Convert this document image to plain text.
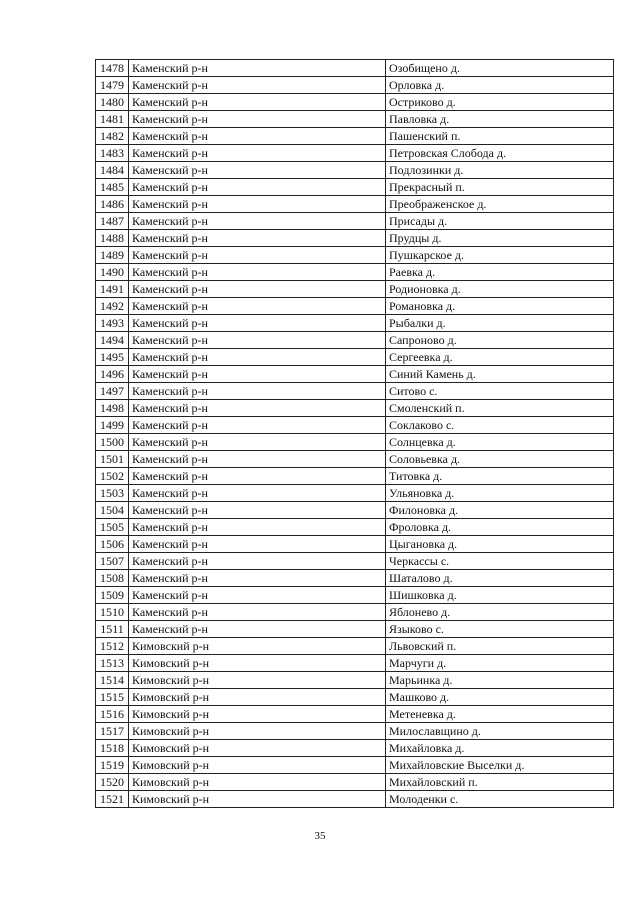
1478	Каменский р-н	Озобищено д.
1479	Каменский р-н	Орловка д.
1480	Каменский р-н	Остриково д.
1481	Каменский р-н	Павловка д.
1482	Каменский р-н	Пашенский п.
1483	Каменский р-н	Петровская Слобода д.
1484	Каменский р-н	Подлозинки д.
1485	Каменский р-н	Прекрасный п.
1486	Каменский р-н	Преображенское д.
1487	Каменский р-н	Присады д.
1488	Каменский р-н	Прудцы д.
1489	Каменский р-н	Пушкарское д.
1490	Каменский р-н	Раевка д.
1491	Каменский р-н	Родионовка д.
1492	Каменский р-н	Романовка д.
1493	Каменский р-н	Рыбалки д.
1494	Каменский р-н	Сапроново д.
1495	Каменский р-н	Сергеевка д.
1496	Каменский р-н	Синий Камень д.
1497	Каменский р-н	Ситово с.
1498	Каменский р-н	Смоленский п.
1499	Каменский р-н	Соклаково с.
1500	Каменский р-н	Солнцевка д.
1501	Каменский р-н	Соловьевка д.
1502	Каменский р-н	Титовка д.
1503	Каменский р-н	Ульяновка д.
1504	Каменский р-н	Филоновка д.
1505	Каменский р-н	Фроловка д.
1506	Каменский р-н	Цыгановка д.
1507	Каменский р-н	Черкассы с.
1508	Каменский р-н	Шаталово д.
1509	Каменский р-н	Шишковка д.
1510	Каменский р-н	Яблонево д.
1511	Каменский р-н	Языково с.
1512	Кимовский р-н	Львовский п.
1513	Кимовский р-н	Марчуги д.
1514	Кимовский р-н	Марьинка д.
1515	Кимовский р-н	Машково д.
1516	Кимовский р-н	Метеневка д.
1517	Кимовский р-н	Милославщино д.
1518	Кимовский р-н	Михайловка д.
1519	Кимовский р-н	Михайловские Выселки д.
1520	Кимовский р-н	Михайловский п.
1521	Кимовский р-н	Молоденки с.
35
